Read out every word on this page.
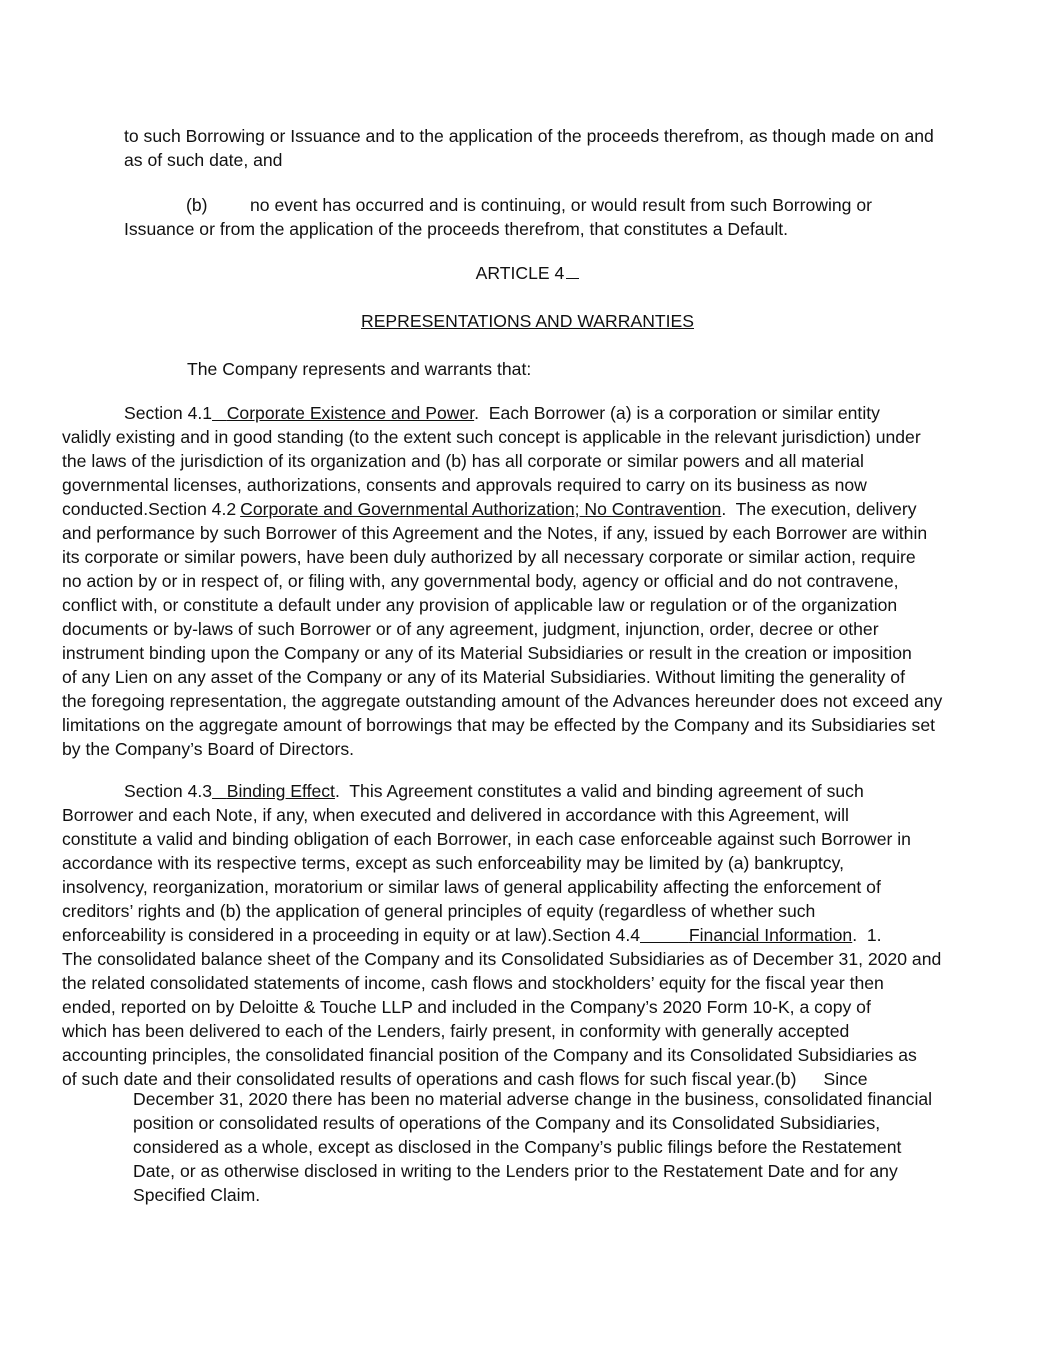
to such Borrowing or Issuance and to the application of the proceeds therefrom, as though made on and
as of such date, and
(b) no event has occurred and is continuing, or would result from such Borrowing or
Issuance or from the application of the proceeds therefrom, that constitutes a Default.
ARTICLE 4
REPRESENTATIONS AND WARRANTIES
The Company represents and warrants that:
Section 4.1 Corporate Existence and Power.  Each Borrower (a) is a corporation or similar entity
validly existing and in good standing (to the extent such concept is applicable in the relevant jurisdiction) under
the laws of the jurisdiction of its organization and (b) has all corporate or similar powers and all material
governmental licenses, authorizations, consents and approvals required to carry on its business as now
conducted.Section 4.2 Corporate and Governmental Authorization; No Contravention.  The execution, delivery
and performance by such Borrower of this Agreement and the Notes, if any, issued by each Borrower are within
its corporate or similar powers, have been duly authorized by all necessary corporate or similar action, require
no action by or in respect of, or filing with, any governmental body, agency or official and do not contravene,
conflict with, or constitute a default under any provision of applicable law or regulation or of the organization
documents or by-laws of such Borrower or of any agreement, judgment, injunction, order, decree or other
instrument binding upon the Company or any of its Material Subsidiaries or result in the creation or imposition
of any Lien on any asset of the Company or any of its Material Subsidiaries. Without limiting the generality of
the foregoing representation, the aggregate outstanding amount of the Advances hereunder does not exceed any
limitations on the aggregate amount of borrowings that may be effected by the Company and its Subsidiaries set
by the Company’s Board of Directors.
Section 4.3 Binding Effect.  This Agreement constitutes a valid and binding agreement of such
Borrower and each Note, if any, when executed and delivered in accordance with this Agreement, will
constitute a valid and binding obligation of each Borrower, in each case enforceable against such Borrower in
accordance with its respective terms, except as such enforceability may be limited by (a) bankruptcy,
insolvency, reorganization, moratorium or similar laws of general applicability affecting the enforcement of
creditors’ rights and (b) the application of general principles of equity (regardless of whether such
enforceability is considered in a proceeding in equity or at law).Section 4.4	Financial Information.  1.
The consolidated balance sheet of the Company and its Consolidated Subsidiaries as of December 31, 2020 and
the related consolidated statements of income, cash flows and stockholders’ equity for the fiscal year then
ended, reported on by Deloitte & Touche LLP and included in the Company’s 2020 Form 10-K, a copy of
which has been delivered to each of the Lenders, fairly present, in conformity with generally accepted
accounting principles, the consolidated financial position of the Company and its Consolidated Subsidiaries as
of such date and their consolidated results of operations and cash flows for such fiscal year.(b) Since
December 31, 2020 there has been no material adverse change in the business, consolidated financial
position or consolidated results of operations of the Company and its Consolidated Subsidiaries,
considered as a whole, except as disclosed in the Company’s public filings before the Restatement
Date, or as otherwise disclosed in writing to the Lenders prior to the Restatement Date and for any
Specified Claim.
